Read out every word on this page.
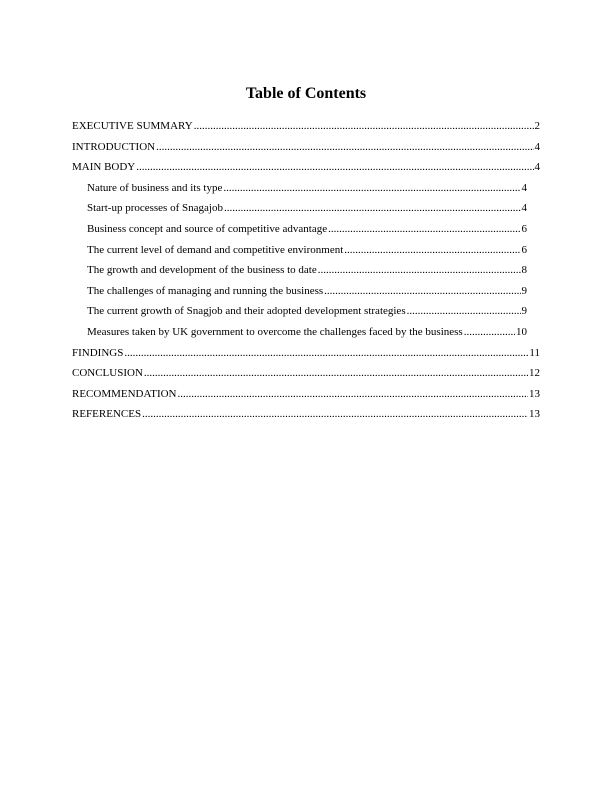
Table of Contents
EXECUTIVE SUMMARY .....	2
INTRODUCTION .....	4
MAIN BODY .....	4
Nature of business and its type .....	4
Start-up processes of Snagajob .....	4
Business concept and source of competitive advantage .....	6
The current level of demand and competitive environment .....	6
The growth and development of the business to date .....	8
The challenges of managing and running the business .....	9
The current growth of Snagjob and their adopted development strategies .....	9
Measures taken by UK government to overcome the challenges faced by the business .....	10
FINDINGS .....	11
CONCLUSION .....	12
RECOMMENDATION .....	13
REFERENCES .....	13
